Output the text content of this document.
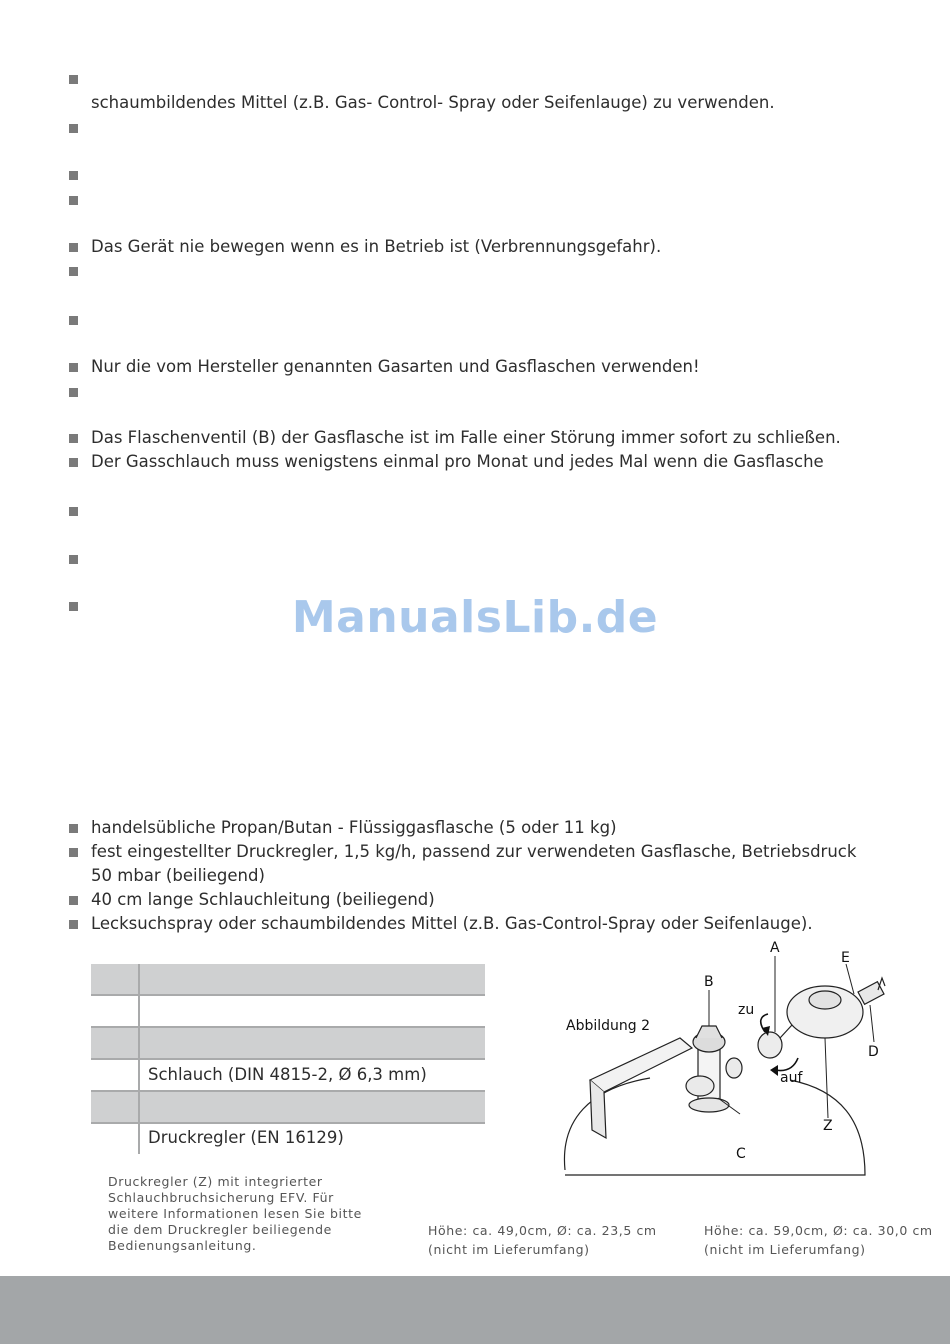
schaumbildendes Mittel (z.B. Gas- Control- Spray oder Seifenlauge) zu verwenden.
Das Gerät nie bewegen wenn es in Betrieb ist (Verbrennungsgefahr).
Nur die vom Hersteller genannten Gasarten und Gasflaschen verwenden!
Das Flaschenventil (B) der Gasflasche ist im Falle einer Störung immer sofort zu schließen.
Der Gasschlauch muss wenigstens einmal pro Monat und jedes Mal wenn die Gasflasche
ManualsLib.de
handelsübliche Propan/Butan - Flüssiggasflasche (5 oder 11 kg)
fest eingestellter Druckregler, 1,5 kg/h, passend zur verwendeten Gasflasche, Betriebsdruck
50 mbar (beiliegend)
40 cm lange Schlauchleitung (beiliegend)
Lecksuchspray oder schaumbildendes Mittel (z.B. Gas-Control-Spray oder Seifenlauge).
Schlauch (DIN 4815-2, Ø 6,3 mm)
Druckregler (EN 16129)
Druckregler (Z) mit integrierter
Schlauchbruchsicherung EFV. Für
weitere Informationen lesen Sie bitte
die dem Druckregler beiliegende
Bedienungsanleitung.
Abbildung 2
A
B
C
D
E
Z
zu
auf
Höhe: ca. 49,0cm, Ø: ca. 23,5 cm
(nicht im Lieferumfang)
Höhe: ca. 59,0cm, Ø: ca. 30,0 cm
(nicht im Lieferumfang)
